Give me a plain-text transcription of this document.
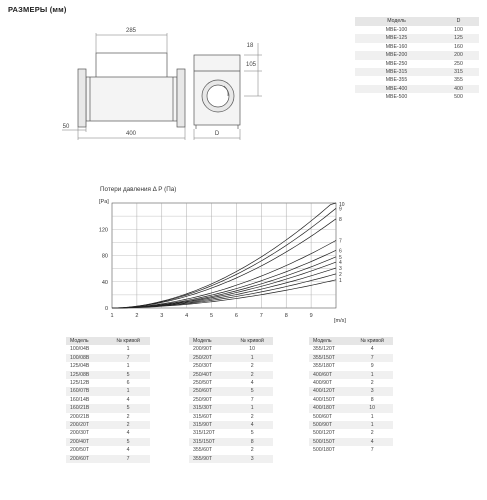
РАЗМЕРЫ (мм)
285
18
105
400
50
D
Модель	D
MBE-100	100
MBE-125	125
MBE-160	160
MBE-200	200
MBE-250	250
MBE-315	315
MBE-355	355
MBE-400	400
MBE-500	500
Потери давления Δ P (Па)
[Pa]
[m/s]
1	2	3	4	5	6	7	8	9
0
40
80
120
1
2
3
4
5
6
7
8
9
10
Модель	№ кривой
100/04B	1
100/08B	7
125/04B	1
125/08B	5
125/12B	6
160/07B	1
160/14B	4
160/21B	5
200/21B	2
200/20T	2
200/30T	4
200/40T	5
200/50T	4
200/60T	7
Модель	№ кривой
200/90T	10
250/20T	1
250/30T	2
250/40T	2
250/50T	4
250/60T	5
250/90T	7
315/30T	1
315/60T	2
315/90T	4
315/120T	5
315/150T	8
355/60T	2
355/90T	3
Модель	№ кривой
355/120T	4
355/150T	7
355/180T	9
400/60T	1
400/90T	2
400/120T	3
400/150T	8
400/180T	10
500/60T	1
500/90T	1
500/120T	2
500/150T	4
500/180T	7
